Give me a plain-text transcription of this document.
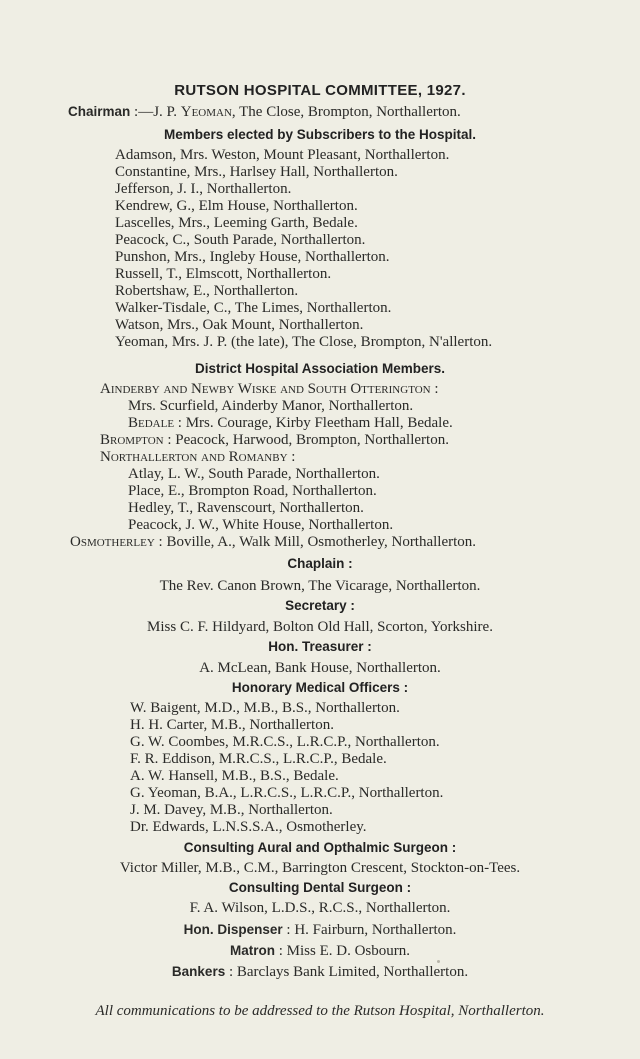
RUTSON HOSPITAL COMMITTEE, 1927.
Chairman :—J. P. Yeoman, The Close, Brompton, Northallerton.
Members elected by Subscribers to the Hospital.
Adamson, Mrs. Weston, Mount Pleasant, Northallerton.
Constantine, Mrs., Harlsey Hall, Northallerton.
Jefferson, J. I., Northallerton.
Kendrew, G., Elm House, Northallerton.
Lascelles, Mrs., Leeming Garth, Bedale.
Peacock, C., South Parade, Northallerton.
Punshon, Mrs., Ingleby House, Northallerton.
Russell, T., Elmscott, Northallerton.
Robertshaw, E., Northallerton.
Walker-Tisdale, C., The Limes, Northallerton.
Watson, Mrs., Oak Mount, Northallerton.
Yeoman, Mrs. J. P. (the late), The Close, Brompton, N'allerton.
District Hospital Association Members.
Ainderby and Newby Wiske and South Otterington :
Mrs. Scurfield, Ainderby Manor, Northallerton.
Bedale : Mrs. Courage, Kirby Fleetham Hall, Bedale.
Brompton : Peacock, Harwood, Brompton, Northallerton.
Northallerton and Romanby :
Atlay, L. W., South Parade, Northallerton.
Place, E., Brompton Road, Northallerton.
Hedley, T., Ravenscourt, Northallerton.
Peacock, J. W., White House, Northallerton.
Osmotherley : Boville, A., Walk Mill, Osmotherley, Northallerton.
Chaplain :
The Rev. Canon Brown, The Vicarage, Northallerton.
Secretary :
Miss C. F. Hildyard, Bolton Old Hall, Scorton, Yorkshire.
Hon. Treasurer :
A. McLean, Bank House, Northallerton.
Honorary Medical Officers :
W. Baigent, M.D., M.B., B.S., Northallerton.
H. H. Carter, M.B., Northallerton.
G. W. Coombes, M.R.C.S., L.R.C.P., Northallerton.
F. R. Eddison, M.R.C.S., L.R.C.P., Bedale.
A. W. Hansell, M.B., B.S., Bedale.
G. Yeoman, B.A., L.R.C.S., L.R.C.P., Northallerton.
J. M. Davey, M.B., Northallerton.
Dr. Edwards, L.N.S.S.A., Osmotherley.
Consulting Aural and Opthalmic Surgeon :
Victor Miller, M.B., C.M., Barrington Crescent, Stockton-on-Tees.
Consulting Dental Surgeon :
F. A. Wilson, L.D.S., R.C.S., Northallerton.
Hon. Dispenser : H. Fairburn, Northallerton.
Matron : Miss E. D. Osbourn.
Bankers : Barclays Bank Limited, Northallerton.
All communications to be addressed to the Rutson Hospital, Northallerton.
